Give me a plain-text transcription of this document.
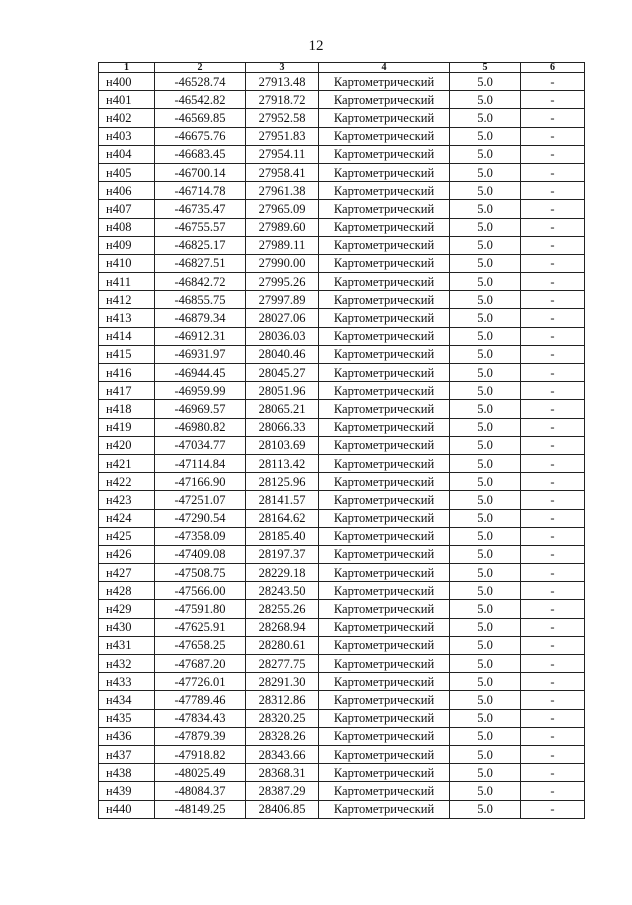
12
1	2	3	4	5	6
н400	-46528.74	27913.48	Картометрический	5.0	-
н401	-46542.82	27918.72	Картометрический	5.0	-
н402	-46569.85	27952.58	Картометрический	5.0	-
н403	-46675.76	27951.83	Картометрический	5.0	-
н404	-46683.45	27954.11	Картометрический	5.0	-
н405	-46700.14	27958.41	Картометрический	5.0	-
н406	-46714.78	27961.38	Картометрический	5.0	-
н407	-46735.47	27965.09	Картометрический	5.0	-
н408	-46755.57	27989.60	Картометрический	5.0	-
н409	-46825.17	27989.11	Картометрический	5.0	-
н410	-46827.51	27990.00	Картометрический	5.0	-
н411	-46842.72	27995.26	Картометрический	5.0	-
н412	-46855.75	27997.89	Картометрический	5.0	-
н413	-46879.34	28027.06	Картометрический	5.0	-
н414	-46912.31	28036.03	Картометрический	5.0	-
н415	-46931.97	28040.46	Картометрический	5.0	-
н416	-46944.45	28045.27	Картометрический	5.0	-
н417	-46959.99	28051.96	Картометрический	5.0	-
н418	-46969.57	28065.21	Картометрический	5.0	-
н419	-46980.82	28066.33	Картометрический	5.0	-
н420	-47034.77	28103.69	Картометрический	5.0	-
н421	-47114.84	28113.42	Картометрический	5.0	-
н422	-47166.90	28125.96	Картометрический	5.0	-
н423	-47251.07	28141.57	Картометрический	5.0	-
н424	-47290.54	28164.62	Картометрический	5.0	-
н425	-47358.09	28185.40	Картометрический	5.0	-
н426	-47409.08	28197.37	Картометрический	5.0	-
н427	-47508.75	28229.18	Картометрический	5.0	-
н428	-47566.00	28243.50	Картометрический	5.0	-
н429	-47591.80	28255.26	Картометрический	5.0	-
н430	-47625.91	28268.94	Картометрический	5.0	-
н431	-47658.25	28280.61	Картометрический	5.0	-
н432	-47687.20	28277.75	Картометрический	5.0	-
н433	-47726.01	28291.30	Картометрический	5.0	-
н434	-47789.46	28312.86	Картометрический	5.0	-
н435	-47834.43	28320.25	Картометрический	5.0	-
н436	-47879.39	28328.26	Картометрический	5.0	-
н437	-47918.82	28343.66	Картометрический	5.0	-
н438	-48025.49	28368.31	Картометрический	5.0	-
н439	-48084.37	28387.29	Картометрический	5.0	-
н440	-48149.25	28406.85	Картометрический	5.0	-
